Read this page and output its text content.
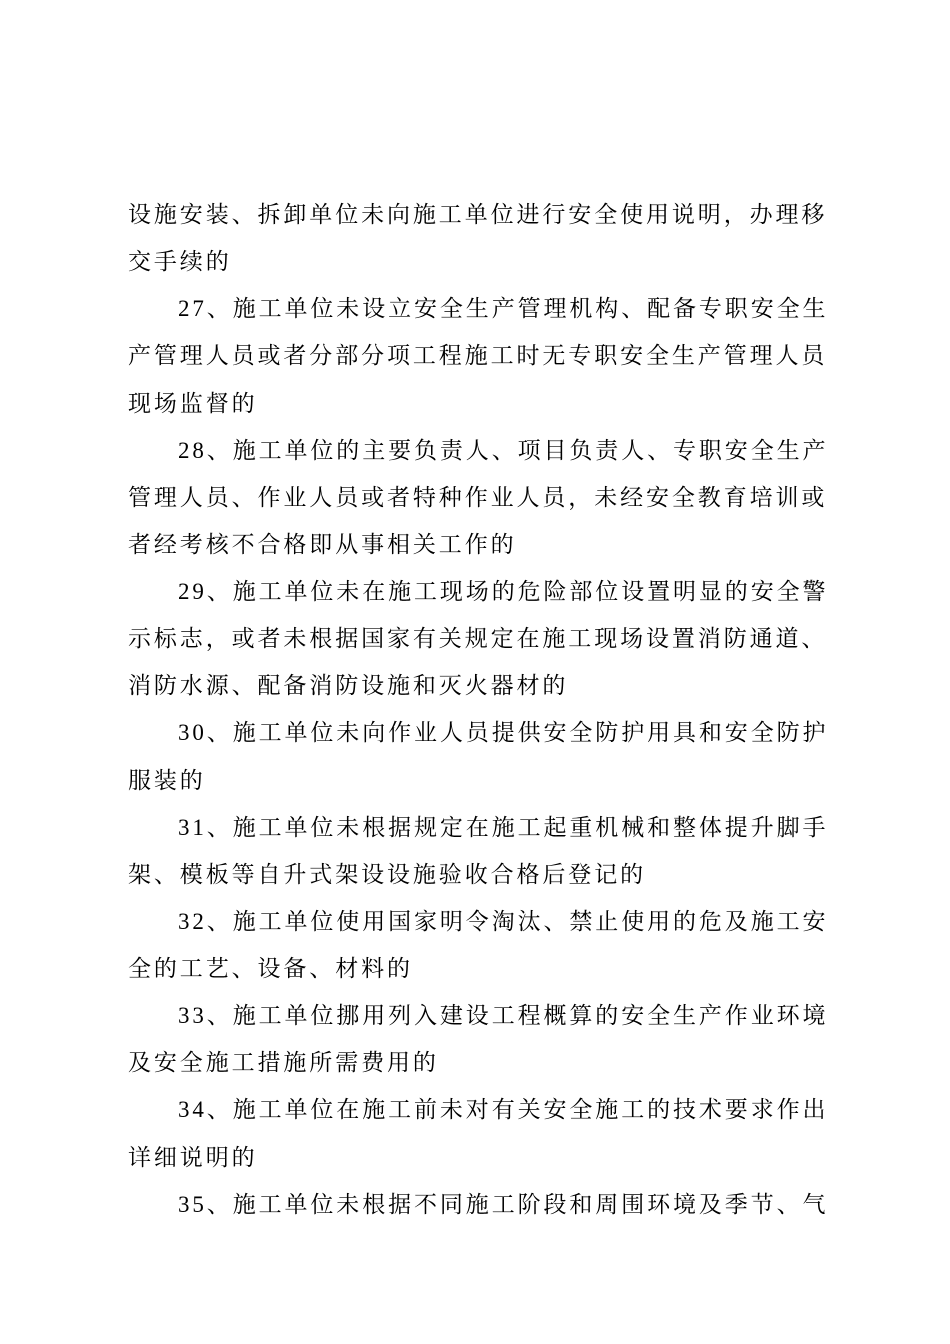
设施安装、拆卸单位未向施工单位进行安全使用说明，办理移
交手续的
27、施工单位未设立安全生产管理机构、配备专职安全生
产管理人员或者分部分项工程施工时无专职安全生产管理人员
现场监督的
28、施工单位的主要负责人、项目负责人、专职安全生产
管理人员、作业人员或者特种作业人员，未经安全教育培训或
者经考核不合格即从事相关工作的
29、施工单位未在施工现场的危险部位设置明显的安全警
示标志，或者未根据国家有关规定在施工现场设置消防通道、
消防水源、配备消防设施和灭火器材的
30、施工单位未向作业人员提供安全防护用具和安全防护
服装的
31、施工单位未根据规定在施工起重机械和整体提升脚手
架、模板等自升式架设设施验收合格后登记的
32、施工单位使用国家明令淘汰、禁止使用的危及施工安
全的工艺、设备、材料的
33、施工单位挪用列入建设工程概算的安全生产作业环境
及安全施工措施所需费用的
34、施工单位在施工前未对有关安全施工的技术要求作出
详细说明的
35、施工单位未根据不同施工阶段和周围环境及季节、气
